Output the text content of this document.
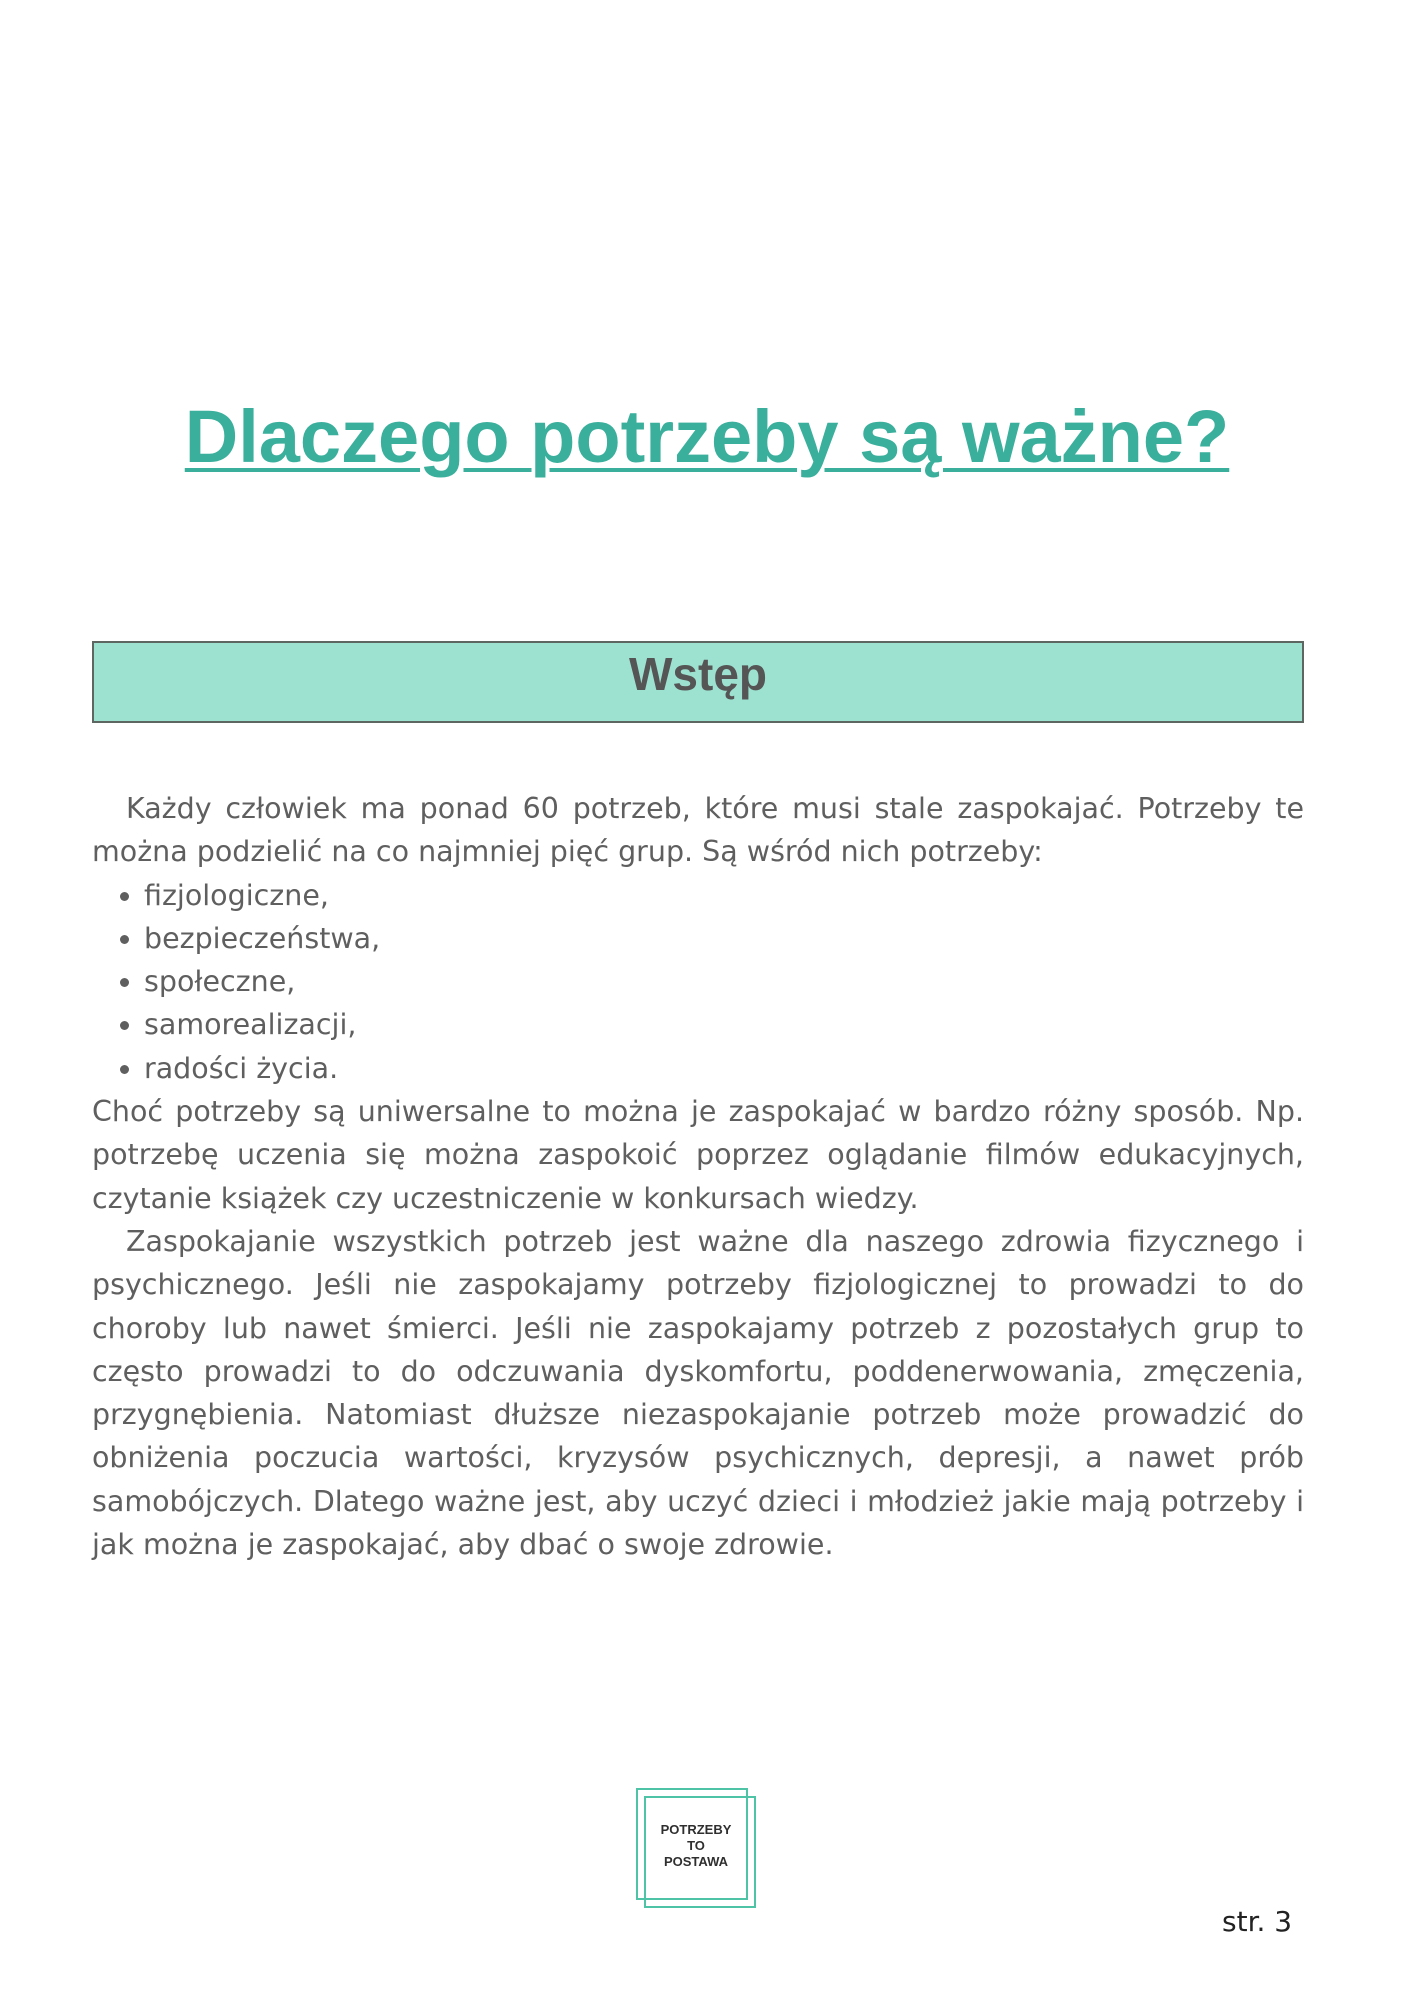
Dlaczego potrzeby są ważne?
Wstęp

Każdy człowiek ma ponad 60 potrzeb, które musi stale zaspokajać. Potrzeby te można podzielić na co najmniej pięć grup. Są wśród nich potrzeby:

• fizjologiczne,
• bezpieczeństwa,
• społeczne,
• samorealizacji,
• radości życia.

Choć potrzeby są uniwersalne to można je zaspokajać w bardzo różny sposób. Np. potrzebę uczenia się można zaspokoić poprzez oglądanie filmów edukacyjnych, czytanie książek czy uczestniczenie w konkursach wiedzy.

Zaspokajanie wszystkich potrzeb jest ważne dla naszego zdrowia fizycznego i psychicznego. Jeśli nie zaspokajamy potrzeby fizjologicznej to prowadzi to do choroby lub nawet śmierci. Jeśli nie zaspokajamy potrzeb z pozostałych grup to często prowadzi to do odczuwania dyskomfortu, poddenerwowania, zmęczenia, przygnębienia. Natomiast dłuższe niezaspokajanie potrzeb może prowadzić do obniżenia poczucia wartości, kryzysów psychicznych, depresji, a nawet prób samobójczych. Dlatego ważne jest, aby uczyć dzieci i młodzież jakie mają potrzeby i jak można je zaspokajać, aby dbać o swoje zdrowie.

POTRZEBY
TO
POSTAWA
str. 3
